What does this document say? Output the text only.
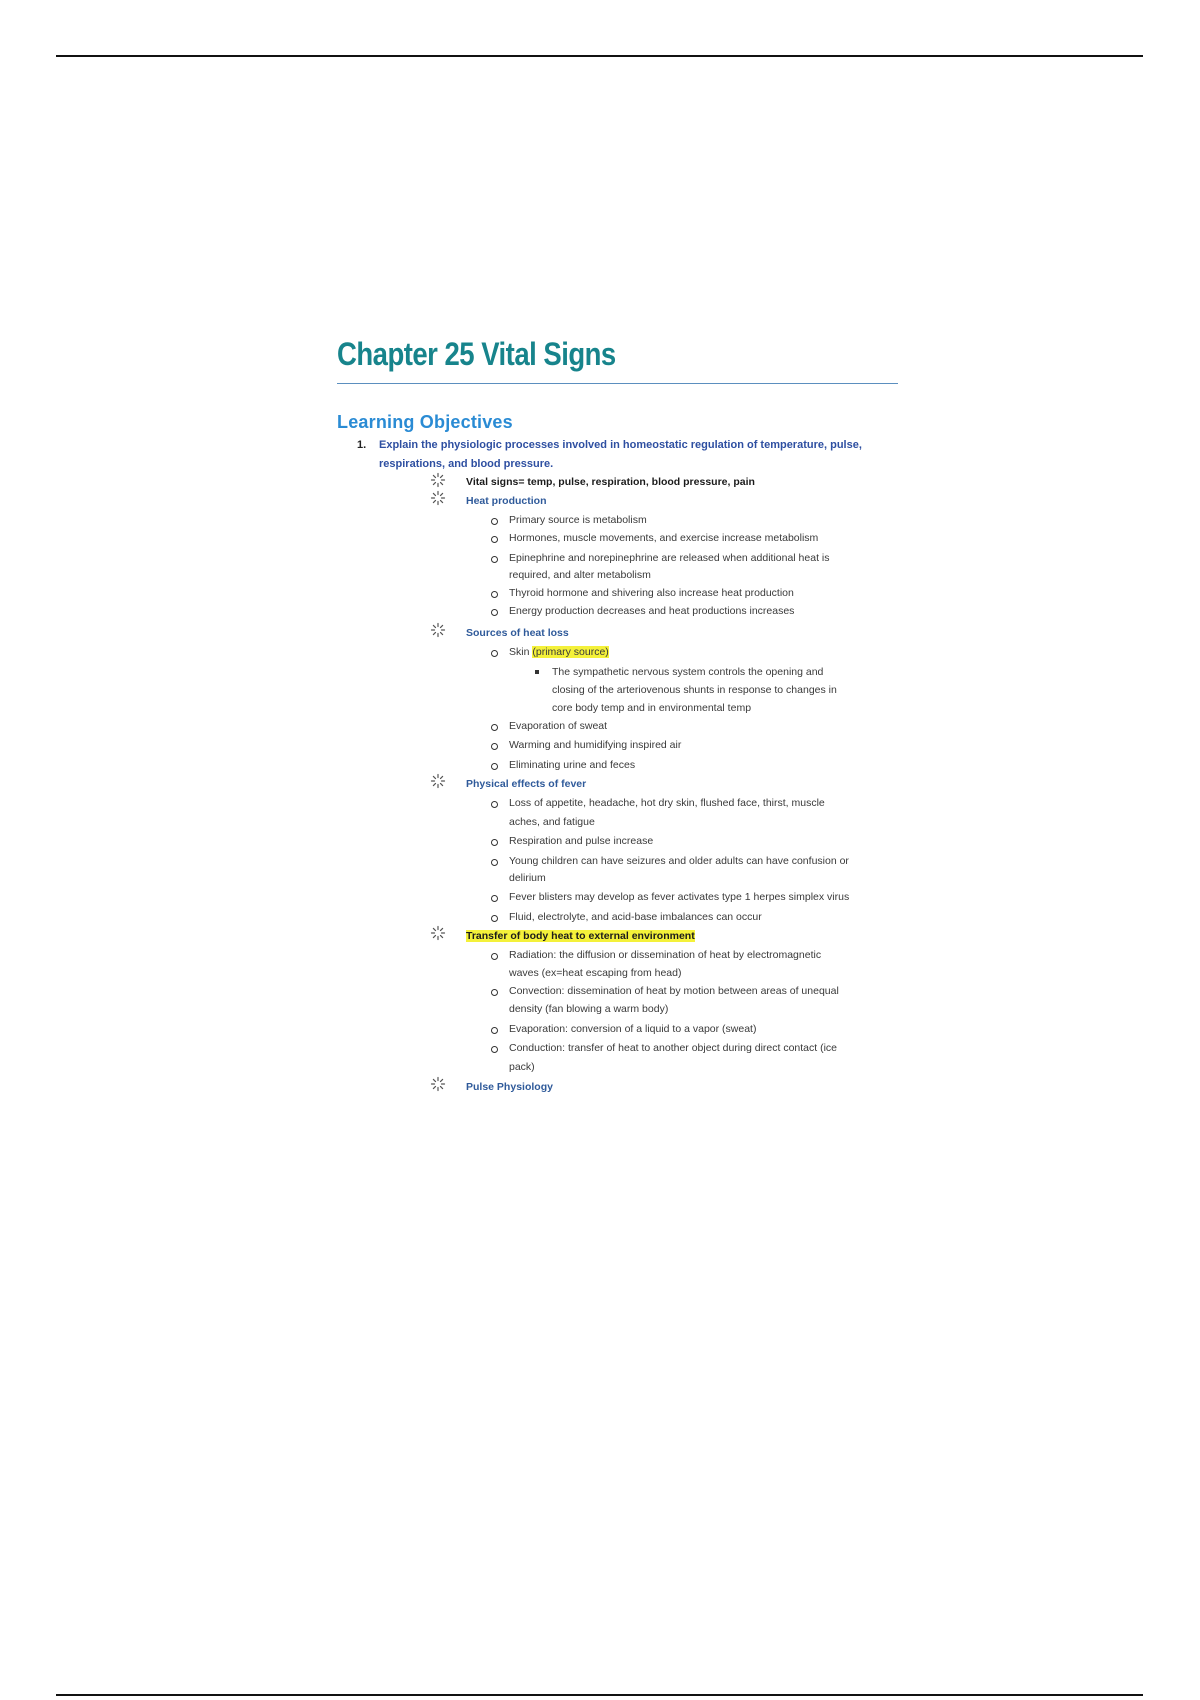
Chapter 25 Vital Signs
Learning Objectives
1. Explain the physiologic processes involved in homeostatic regulation of temperature, pulse,
respirations, and blood pressure.
Vital signs= temp, pulse, respiration, blood pressure, pain
Heat production
Primary source is metabolism
Hormones, muscle movements, and exercise increase metabolism
Epinephrine and norepinephrine are released when additional heat is
required, and alter metabolism
Thyroid hormone and shivering also increase heat production
Energy production decreases and heat productions increases
Sources of heat loss
Skin (primary source)
The sympathetic nervous system controls the opening and
closing of the arteriovenous shunts in response to changes in
core body temp and in environmental temp
Evaporation of sweat
Warming and humidifying inspired air
Eliminating urine and feces
Physical effects of fever
Loss of appetite, headache, hot dry skin, flushed face, thirst, muscle
aches, and fatigue
Respiration and pulse increase
Young children can have seizures and older adults can have confusion or
delirium
Fever blisters may develop as fever activates type 1 herpes simplex virus
Fluid, electrolyte, and acid-base imbalances can occur
Transfer of body heat to external environment
Radiation: the diffusion or dissemination of heat by electromagnetic
waves (ex=heat escaping from head)
Convection: dissemination of heat by motion between areas of unequal
density (fan blowing a warm body)
Evaporation: conversion of a liquid to a vapor (sweat)
Conduction: transfer of heat to another object during direct contact (ice
pack)
Pulse Physiology
